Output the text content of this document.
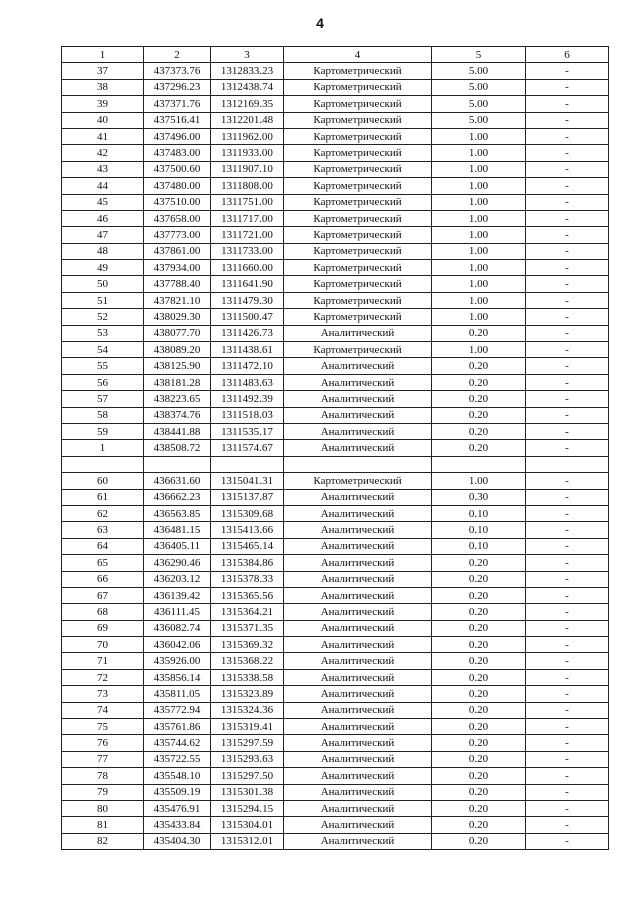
4
1	2	3	4	5	6
37	437373.76	1312833.23	Картометрический	5.00	-
38	437296.23	1312438.74	Картометрический	5.00	-
39	437371.76	1312169.35	Картометрический	5.00	-
40	437516.41	1312201.48	Картометрический	5.00	-
41	437496.00	1311962.00	Картометрический	1.00	-
42	437483.00	1311933.00	Картометрический	1.00	-
43	437500.60	1311907.10	Картометрический	1.00	-
44	437480.00	1311808.00	Картометрический	1.00	-
45	437510.00	1311751.00	Картометрический	1.00	-
46	437658.00	1311717.00	Картометрический	1.00	-
47	437773.00	1311721.00	Картометрический	1.00	-
48	437861.00	1311733.00	Картометрический	1.00	-
49	437934.00	1311660.00	Картометрический	1.00	-
50	437788.40	1311641.90	Картометрический	1.00	-
51	437821.10	1311479.30	Картометрический	1.00	-
52	438029.30	1311500.47	Картометрический	1.00	-
53	438077.70	1311426.73	Аналитический	0.20	-
54	438089.20	1311438.61	Картометрический	1.00	-
55	438125.90	1311472.10	Аналитический	0.20	-
56	438181.28	1311483.63	Аналитический	0.20	-
57	438223.65	1311492.39	Аналитический	0.20	-
58	438374.76	1311518.03	Аналитический	0.20	-
59	438441.88	1311535.17	Аналитический	0.20	-
1	438508.72	1311574.67	Аналитический	0.20	-

60	436631.60	1315041.31	Картометрический	1.00	-
61	436662.23	1315137.87	Аналитический	0.30	-
62	436563.85	1315309.68	Аналитический	0.10	-
63	436481.15	1315413.66	Аналитический	0.10	-
64	436405.11	1315465.14	Аналитический	0.10	-
65	436290.46	1315384.86	Аналитический	0.20	-
66	436203.12	1315378.33	Аналитический	0.20	-
67	436139.42	1315365.56	Аналитический	0.20	-
68	436111.45	1315364.21	Аналитический	0.20	-
69	436082.74	1315371.35	Аналитический	0.20	-
70	436042.06	1315369.32	Аналитический	0.20	-
71	435926.00	1315368.22	Аналитический	0.20	-
72	435856.14	1315338.58	Аналитический	0.20	-
73	435811.05	1315323.89	Аналитический	0.20	-
74	435772.94	1315324.36	Аналитический	0.20	-
75	435761.86	1315319.41	Аналитический	0.20	-
76	435744.62	1315297.59	Аналитический	0.20	-
77	435722.55	1315293.63	Аналитический	0.20	-
78	435548.10	1315297.50	Аналитический	0.20	-
79	435509.19	1315301.38	Аналитический	0.20	-
80	435476.91	1315294.15	Аналитический	0.20	-
81	435433.84	1315304.01	Аналитический	0.20	-
82	435404.30	1315312.01	Аналитический	0.20	-
